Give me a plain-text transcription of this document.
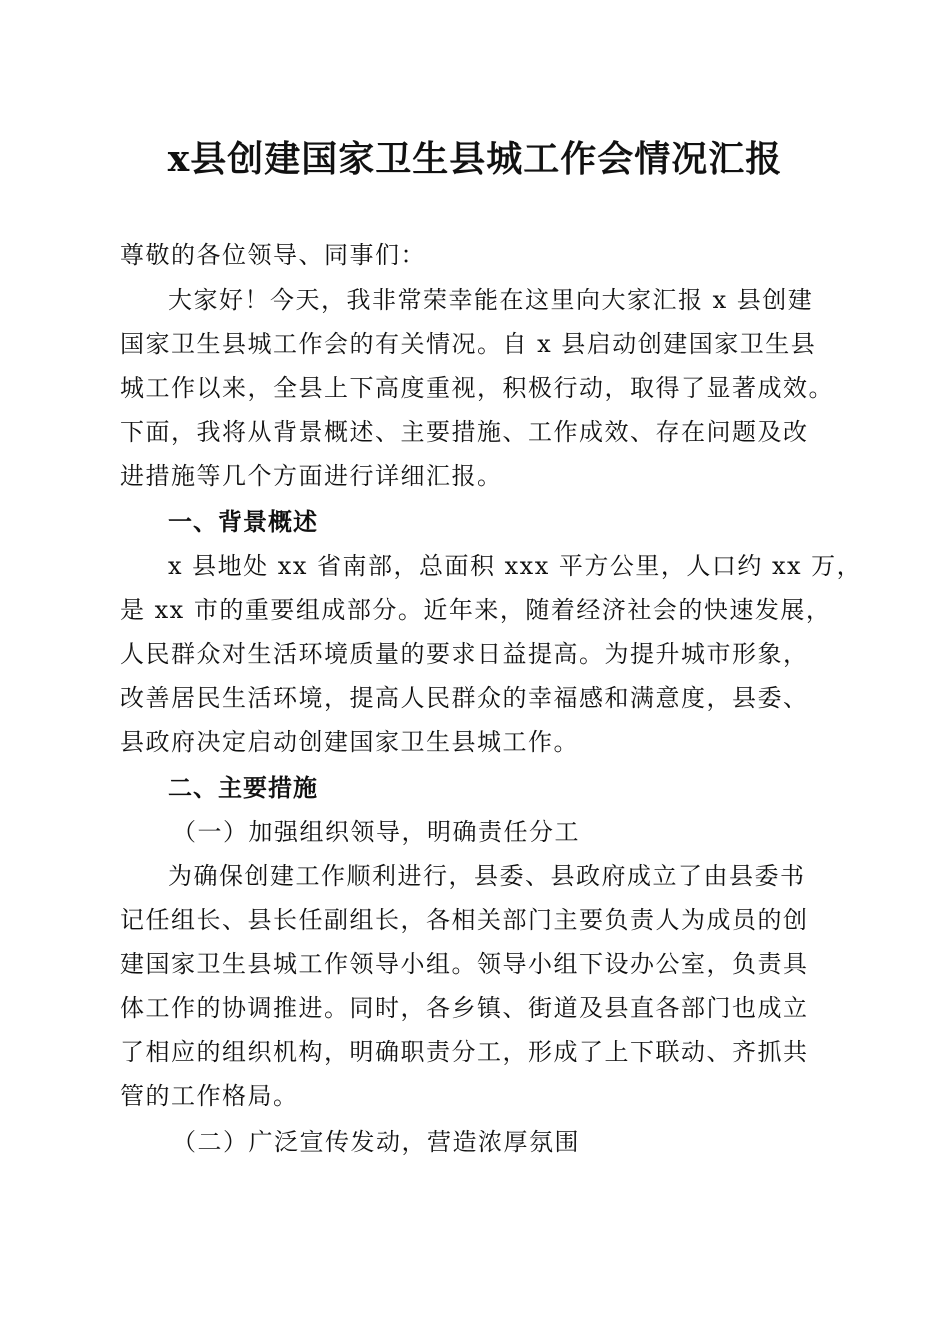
x县创建国家卫生县城工作会情况汇报
尊敬的各位领导、同事们：
大家好！今天，我非常荣幸能在这里向大家汇报 x 县创建
国家卫生县城工作会的有关情况。自 x 县启动创建国家卫生县
城工作以来，全县上下高度重视，积极行动，取得了显著成效。
下面，我将从背景概述、主要措施、工作成效、存在问题及改
进措施等几个方面进行详细汇报。
一、背景概述
x 县地处 xx 省南部，总面积 xxx 平方公里，人口约 xx 万，
是 xx 市的重要组成部分。近年来，随着经济社会的快速发展，
人民群众对生活环境质量的要求日益提高。为提升城市形象，
改善居民生活环境，提高人民群众的幸福感和满意度，县委、
县政府决定启动创建国家卫生县城工作。
二、主要措施
（一）加强组织领导，明确责任分工
为确保创建工作顺利进行，县委、县政府成立了由县委书
记任组长、县长任副组长，各相关部门主要负责人为成员的创
建国家卫生县城工作领导小组。领导小组下设办公室，负责具
体工作的协调推进。同时，各乡镇、街道及县直各部门也成立
了相应的组织机构，明确职责分工，形成了上下联动、齐抓共
管的工作格局。
（二）广泛宣传发动，营造浓厚氛围
